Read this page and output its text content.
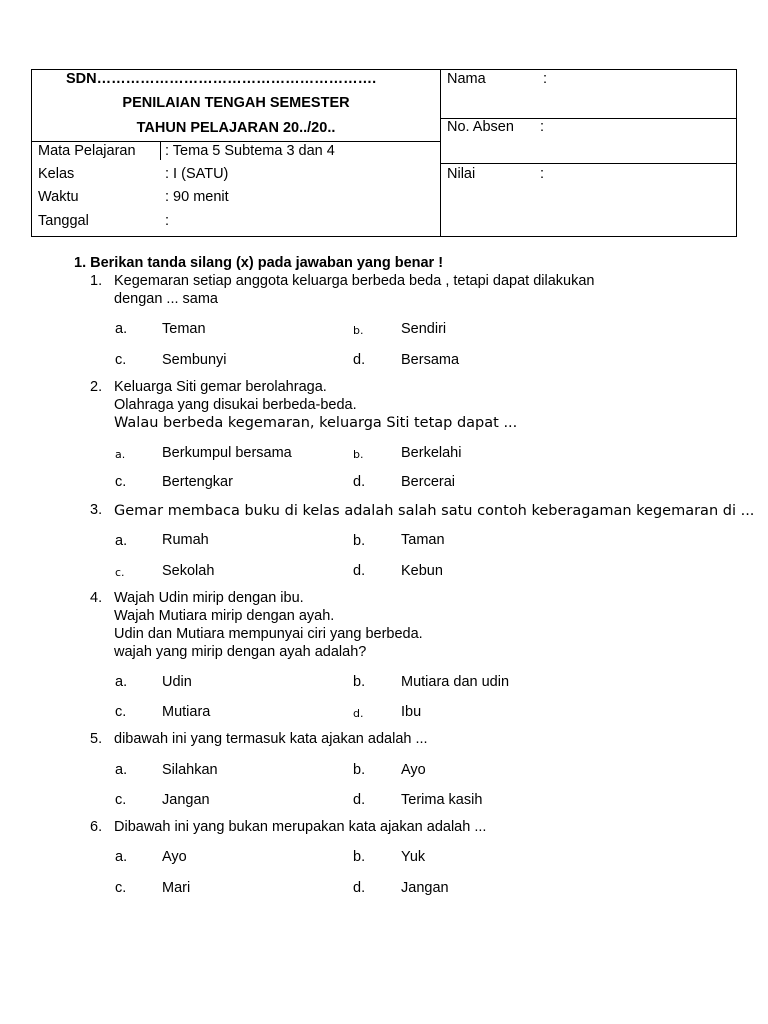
SDN………………………………………………….
PENILAIAN TENGAH SEMESTER
TAHUN PELAJARAN 20../20..
Mata Pelajaran : Tema 5 Subtema 3 dan 4
Kelas	: I (SATU)
Waktu	: 90 menit
Tanggal	:
Nama	:
No. Absen :
Nilai	:
1. Berikan tanda silang (x) pada jawaban yang benar !
1. Kegemaran setiap anggota keluarga berbeda beda , tetapi dapat dilakukan
dengan ... sama
a. Teman	b.	Sendiri
c. Sembunyi	d. Bersama
2. Keluarga Siti gemar berolahraga.
Olahraga yang disukai berbeda-beda.
Walau berbeda kegemaran, keluarga Siti tetap dapat ...
a.	Berkumpul bersama	b.	Berkelahi
c. Bertengkar	d. Bercerai
3. Gemar membaca buku di kelas adalah salah satu contoh keberagaman kegemaran di ...
a. Rumah	b. Taman
c.	Sekolah	d. Kebun
4. Wajah Udin mirip dengan ibu.
Wajah Mutiara mirip dengan ayah.
Udin dan Mutiara mempunyai ciri yang berbeda.
wajah yang mirip dengan ayah adalah?
a. Udin	b. Mutiara dan udin
c. Mutiara	d.	Ibu
5. dibawah ini yang termasuk kata ajakan adalah ...
a. Silahkan	b. Ayo
c. Jangan	d. Terima kasih
6. Dibawah ini yang bukan merupakan kata ajakan adalah ...
a. Ayo	b. Yuk
c. Mari	d. Jangan
